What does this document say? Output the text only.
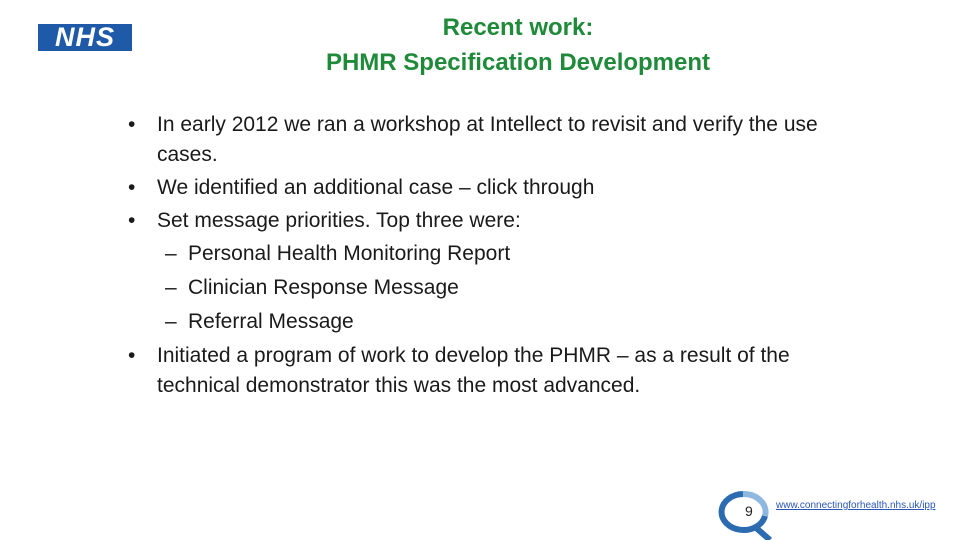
NHS	Recent work:
PHMR Specification Development
•	In early 2012 we ran a workshop at Intellect to revisit and verify the use cases.
•	We identified an additional case – click through
•	Set message priorities. Top three were:
– Personal Health Monitoring Report
– Clinician Response Message
– Referral Message
•	Initiated a program of work to develop the PHMR – as a result of the technical demonstrator this was the most advanced.
9 www.connectingforhealth.nhs.uk/ipp
